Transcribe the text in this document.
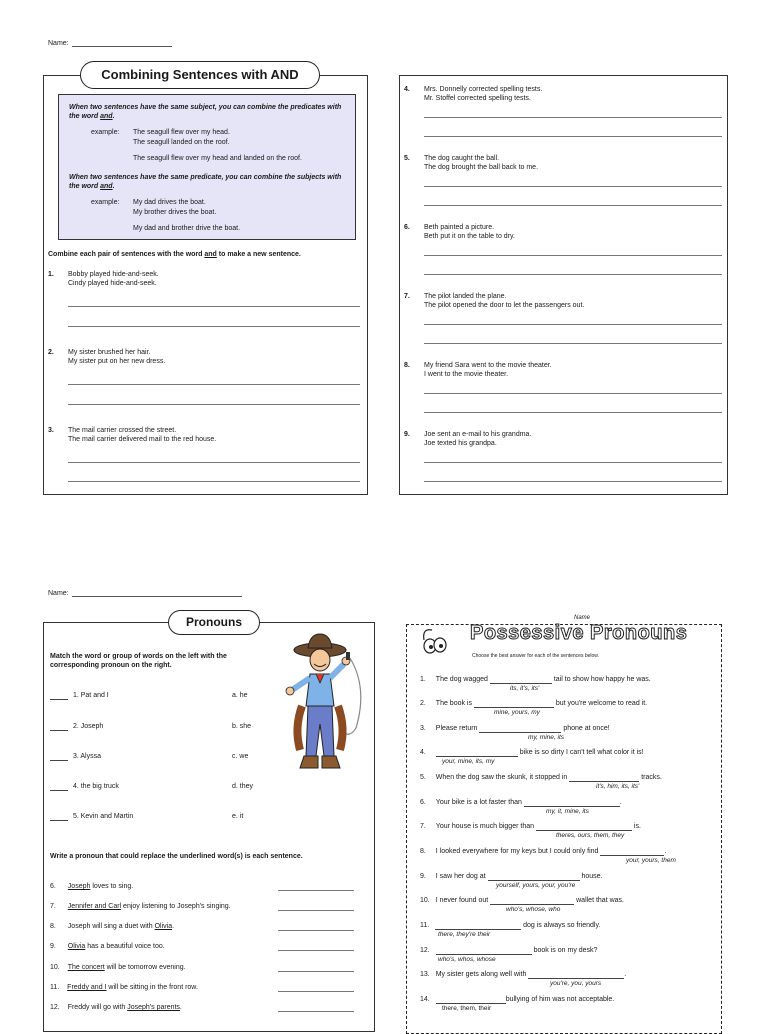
Name:
Combining Sentences with AND
When two sentences have the same subject, you can combine the predicates with the word and.
example: The seagull flew over my head.
The seagull landed on the roof.
The seagull flew over my head and landed on the roof.
When two sentences have the same predicate, you can combine the subjects with the word and.
example: My dad drives the boat.
My brother drives the boat.
My dad and brother drive the boat.
Combine each pair of sentences with the word and to make a new sentence.
1. Bobby played hide-and-seek.
Cindy played hide-and-seek.
2. My sister brushed her hair.
My sister put on her new dress.
3. The mail carrier crossed the street.
The mail carrier delivered mail to the red house.
4. Mrs. Donnelly corrected spelling tests.
Mr. Stoffel corrected spelling tests.
5. The dog caught the ball.
The dog brought the ball back to me.
6. Beth painted a picture.
Beth put it on the table to dry.
7. The pilot landed the plane.
The pilot opened the door to let the passengers out.
8. My friend Sara went to the movie theater.
I went to the movie theater.
9. Joe sent an e-mail to his grandma.
Joe texted his grandpa.
Name:
Pronouns
Match the word or group of words on the left with the corresponding pronoun on the right.
1. Pat and I	a. he
2. Joseph	b. she
3. Alyssa	c. we
4. the big truck	d. they
5. Kevin and Martin	e. it
Write a pronoun that could replace the underlined word(s) is each sentence.
6. Joseph loves to sing.
7. Jennifer and Carl enjoy listening to Joseph's singing.
8. Joseph will sing a duet with Olivia.
9. Olivia has a beautiful voice too.
10. The concert will be tomorrow evening.
11. Freddy and I will be sitting in the front row.
12. Freddy will go with Joseph's parents.
Name
Possessive Pronouns
Choose the best answer for each of the sentences below.
1. The dog wagged	tail to show how happy he was.
its, it's, its'
2. The book is	but you're welcome to read it.
mine, yours, my
3. Please return	phone at once!
my, mine, its
4.	bike is so dirty I can't tell what color it is!
your, mine, its, my
5. When the dog saw the skunk, it stopped in	tracks.
it's, him, its, its'
6. Your bike is a lot faster than	.
my, it, mine, its
7. Your house is much bigger than	is.
theres, ours, them, they
8. I looked everywhere for my keys but I could only find	.
your, yours, them
9. I saw her dog at	house.
yourself, yours, your, you're
10. I never found out	wallet that was.
who's, whose, who
11.	dog is always so friendly.
there, they're their
12.	book is on my desk?
who's, whos, whose
13. My sister gets along well with	.
you're, you, yours
14.	bullying of him was not acceptable.
there, them, their
